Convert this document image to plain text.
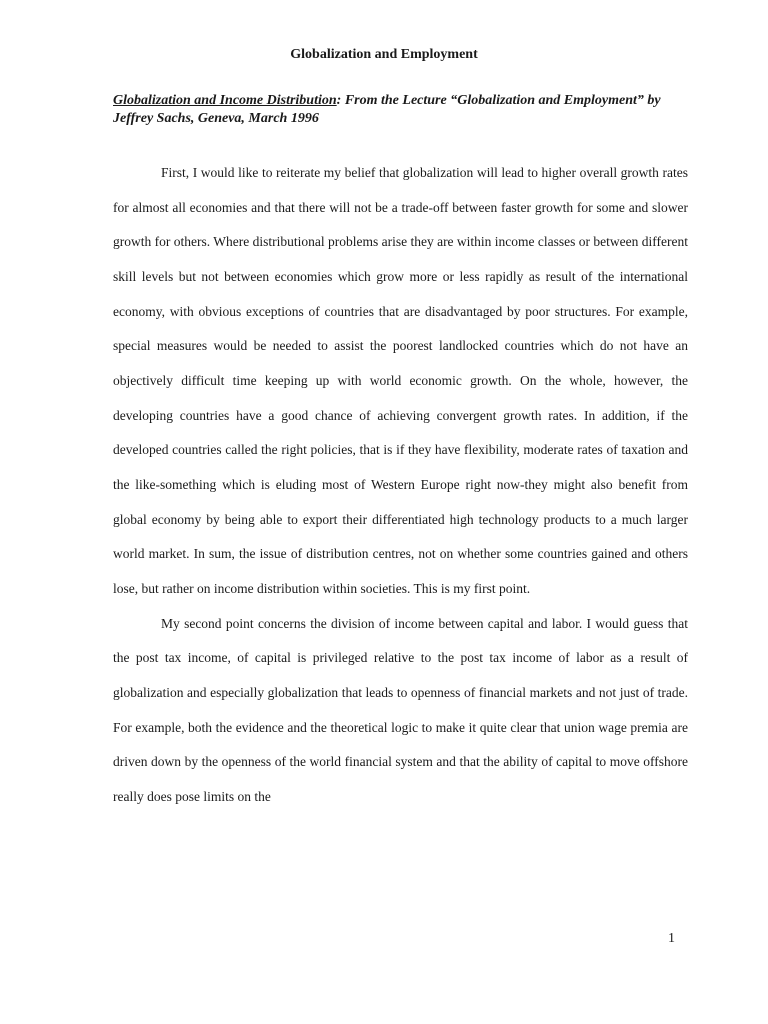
Globalization and Employment
Globalization and Income Distribution: From the Lecture “Globalization and Employment” by Jeffrey Sachs, Geneva, March 1996

First, I would like to reiterate my belief that globalization will lead to higher overall growth rates for almost all economies and that there will not be a trade-off between faster growth for some and slower growth for others. Where distributional problems arise they are within income classes or between different skill levels but not between economies which grow more or less rapidly as result of the international economy, with obvious exceptions of countries that are disadvantaged by poor structures. For example, special measures would be needed to assist the poorest landlocked countries which do not have an objectively difficult time keeping up with world economic growth. On the whole, however, the developing countries have a good chance of achieving convergent growth rates. In addition, if the developed countries called the right policies, that is if they have flexibility, moderate rates of taxation and the like-something which is eluding most of Western Europe right now-they might also benefit from global economy by being able to export their differentiated high technology products to a much larger world market. In sum, the issue of distribution centres, not on whether some countries gained and others lose, but rather on income distribution within societies. This is my first point.

My second point concerns the division of income between capital and labor. I would guess that the post tax income, of capital is privileged relative to the post tax income of labor as a result of globalization and especially globalization that leads to openness of financial markets and not just of trade. For example, both the evidence and the theoretical logic to make it quite clear that union wage premia are driven down by the openness of the world financial system and that the ability of capital to move offshore really does pose limits on the

1
